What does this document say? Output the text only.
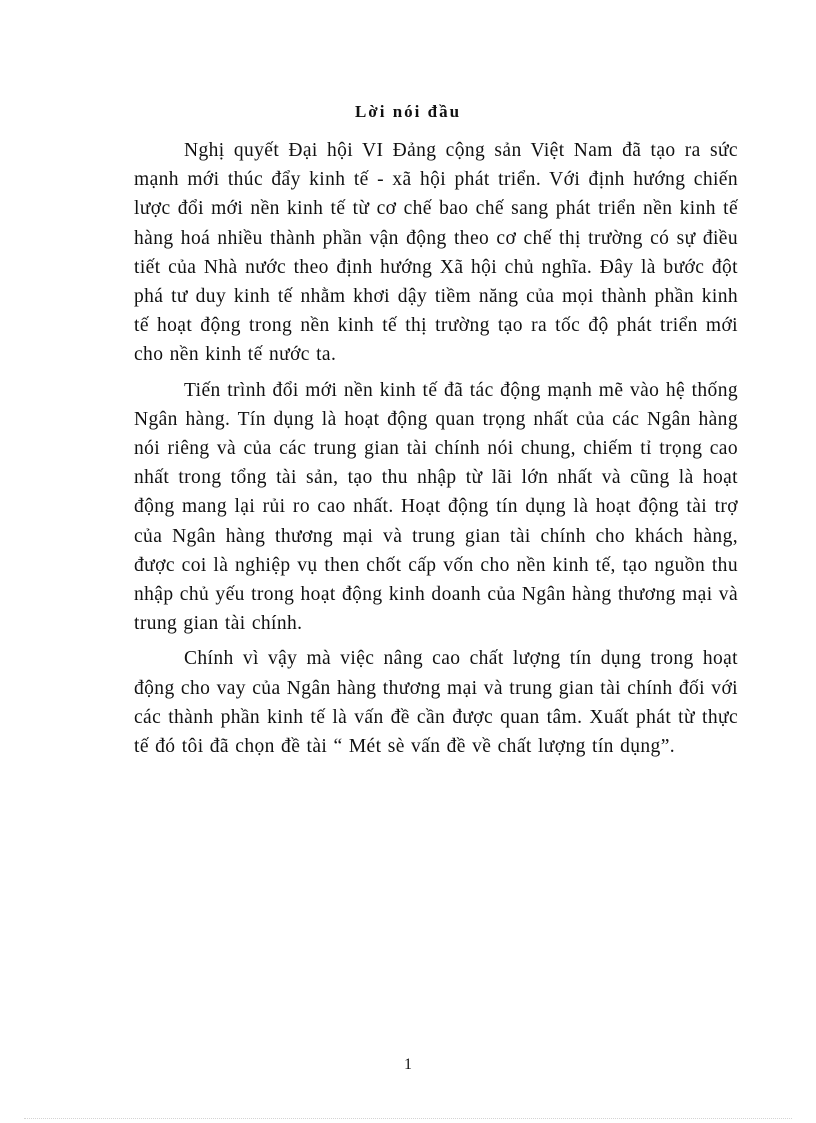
Lời nói đầu

Nghị quyết Đại hội VI Đảng cộng sản Việt Nam đã tạo ra sức mạnh mới thúc đẩy kinh tế - xã hội phát triển. Với định hướng chiến lược đổi mới nền kinh tế từ cơ chế bao chế sang phát triển nền kinh tế hàng hoá nhiều thành phần vận động theo cơ chế thị trường có sự điều tiết của Nhà nước theo định hướng Xã hội chủ nghĩa. Đây là bước đột phá tư duy kinh tế nhằm khơi dậy tiềm năng của mọi thành phần kinh tế hoạt động trong nền kinh tế thị trường tạo ra tốc độ phát triển mới cho nền kinh tế nước ta.

Tiến trình đổi mới nền kinh tế đã tác động mạnh mẽ vào hệ thống Ngân hàng. Tín dụng là hoạt động quan trọng nhất của các Ngân hàng nói riêng và của các trung gian tài chính nói chung, chiếm tỉ trọng cao nhất trong tổng tài sản, tạo thu nhập từ lãi lớn nhất và cũng là hoạt động mang lại rủi ro cao nhất. Hoạt động tín dụng là hoạt động tài trợ của Ngân hàng thương mại và trung gian tài chính cho khách hàng, được coi là nghiệp vụ then chốt cấp vốn cho nền kinh tế, tạo nguồn thu nhập chủ yếu trong hoạt động kinh doanh của Ngân hàng thương mại và trung gian tài chính.

Chính vì vậy mà việc nâng cao chất lượng tín dụng trong hoạt động cho vay của Ngân hàng thương mại và trung gian tài chính đối với các thành phần kinh tế là vấn đề cần được quan tâm. Xuất phát từ thực tế đó tôi đã chọn đề tài “ Mét sè vấn đề về chất lượng tín dụng”.

1
